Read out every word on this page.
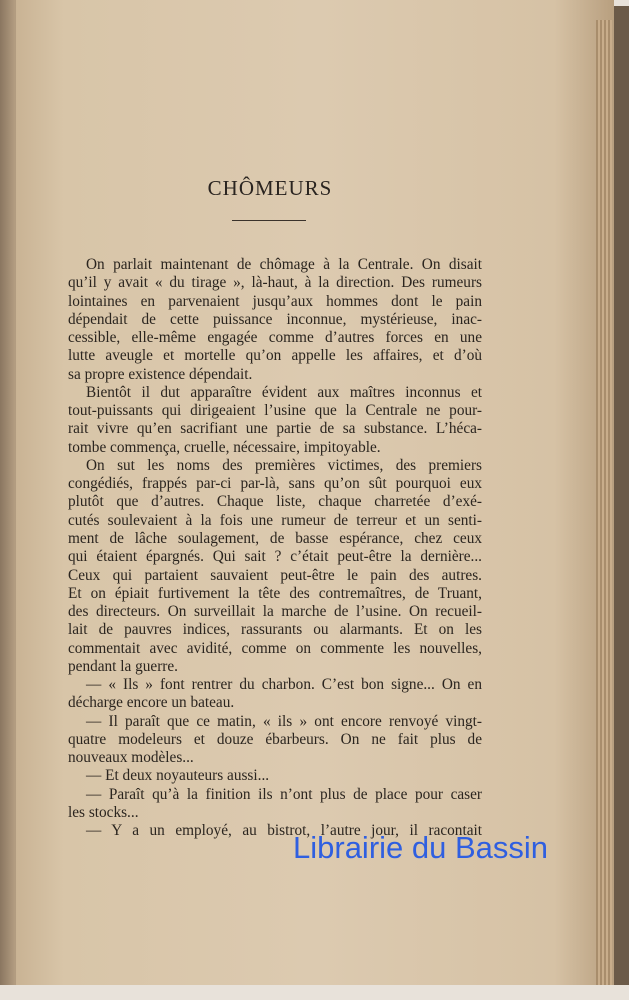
CHÔMEURS
On parlait maintenant de chômage à la Centrale. On disait
qu’il y avait « du tirage », là-haut, à la direction. Des rumeurs
lointaines en parvenaient jusqu’aux hommes dont le pain
dépendait de cette puissance inconnue, mystérieuse, inac-
cessible, elle-même engagée comme d’autres forces en une
lutte aveugle et mortelle qu’on appelle les affaires, et d’où
sa propre existence dépendait.
Bientôt il dut apparaître évident aux maîtres inconnus et
tout-puissants qui dirigeaient l’usine que la Centrale ne pour-
rait vivre qu’en sacrifiant une partie de sa substance. L’héca-
tombe commença, cruelle, nécessaire, impitoyable.
On sut les noms des premières victimes, des premiers
congédiés, frappés par-ci par-là, sans qu’on sût pourquoi eux
plutôt que d’autres. Chaque liste, chaque charretée d’exé-
cutés soulevaient à la fois une rumeur de terreur et un senti-
ment de lâche soulagement, de basse espérance, chez ceux
qui étaient épargnés. Qui sait ? c’était peut-être la dernière...
Ceux qui partaient sauvaient peut-être le pain des autres.
Et on épiait furtivement la tête des contremaîtres, de Truant,
des directeurs. On surveillait la marche de l’usine. On recueil-
lait de pauvres indices, rassurants ou alarmants. Et on les
commentait avec avidité, comme on commente les nouvelles,
pendant la guerre.
— « Ils » font rentrer du charbon. C’est bon signe... On en
décharge encore un bateau.
— Il paraît que ce matin, « ils » ont encore renvoyé vingt-
quatre modeleurs et douze ébarbeurs. On ne fait plus de
nouveaux modèles...
— Et deux noyauteurs aussi...
— Paraît qu’à la finition ils n’ont plus de place pour caser
les stocks...
— Y a un employé, au bistrot, l’autre jour, il racontait
Librairie du Bassin
